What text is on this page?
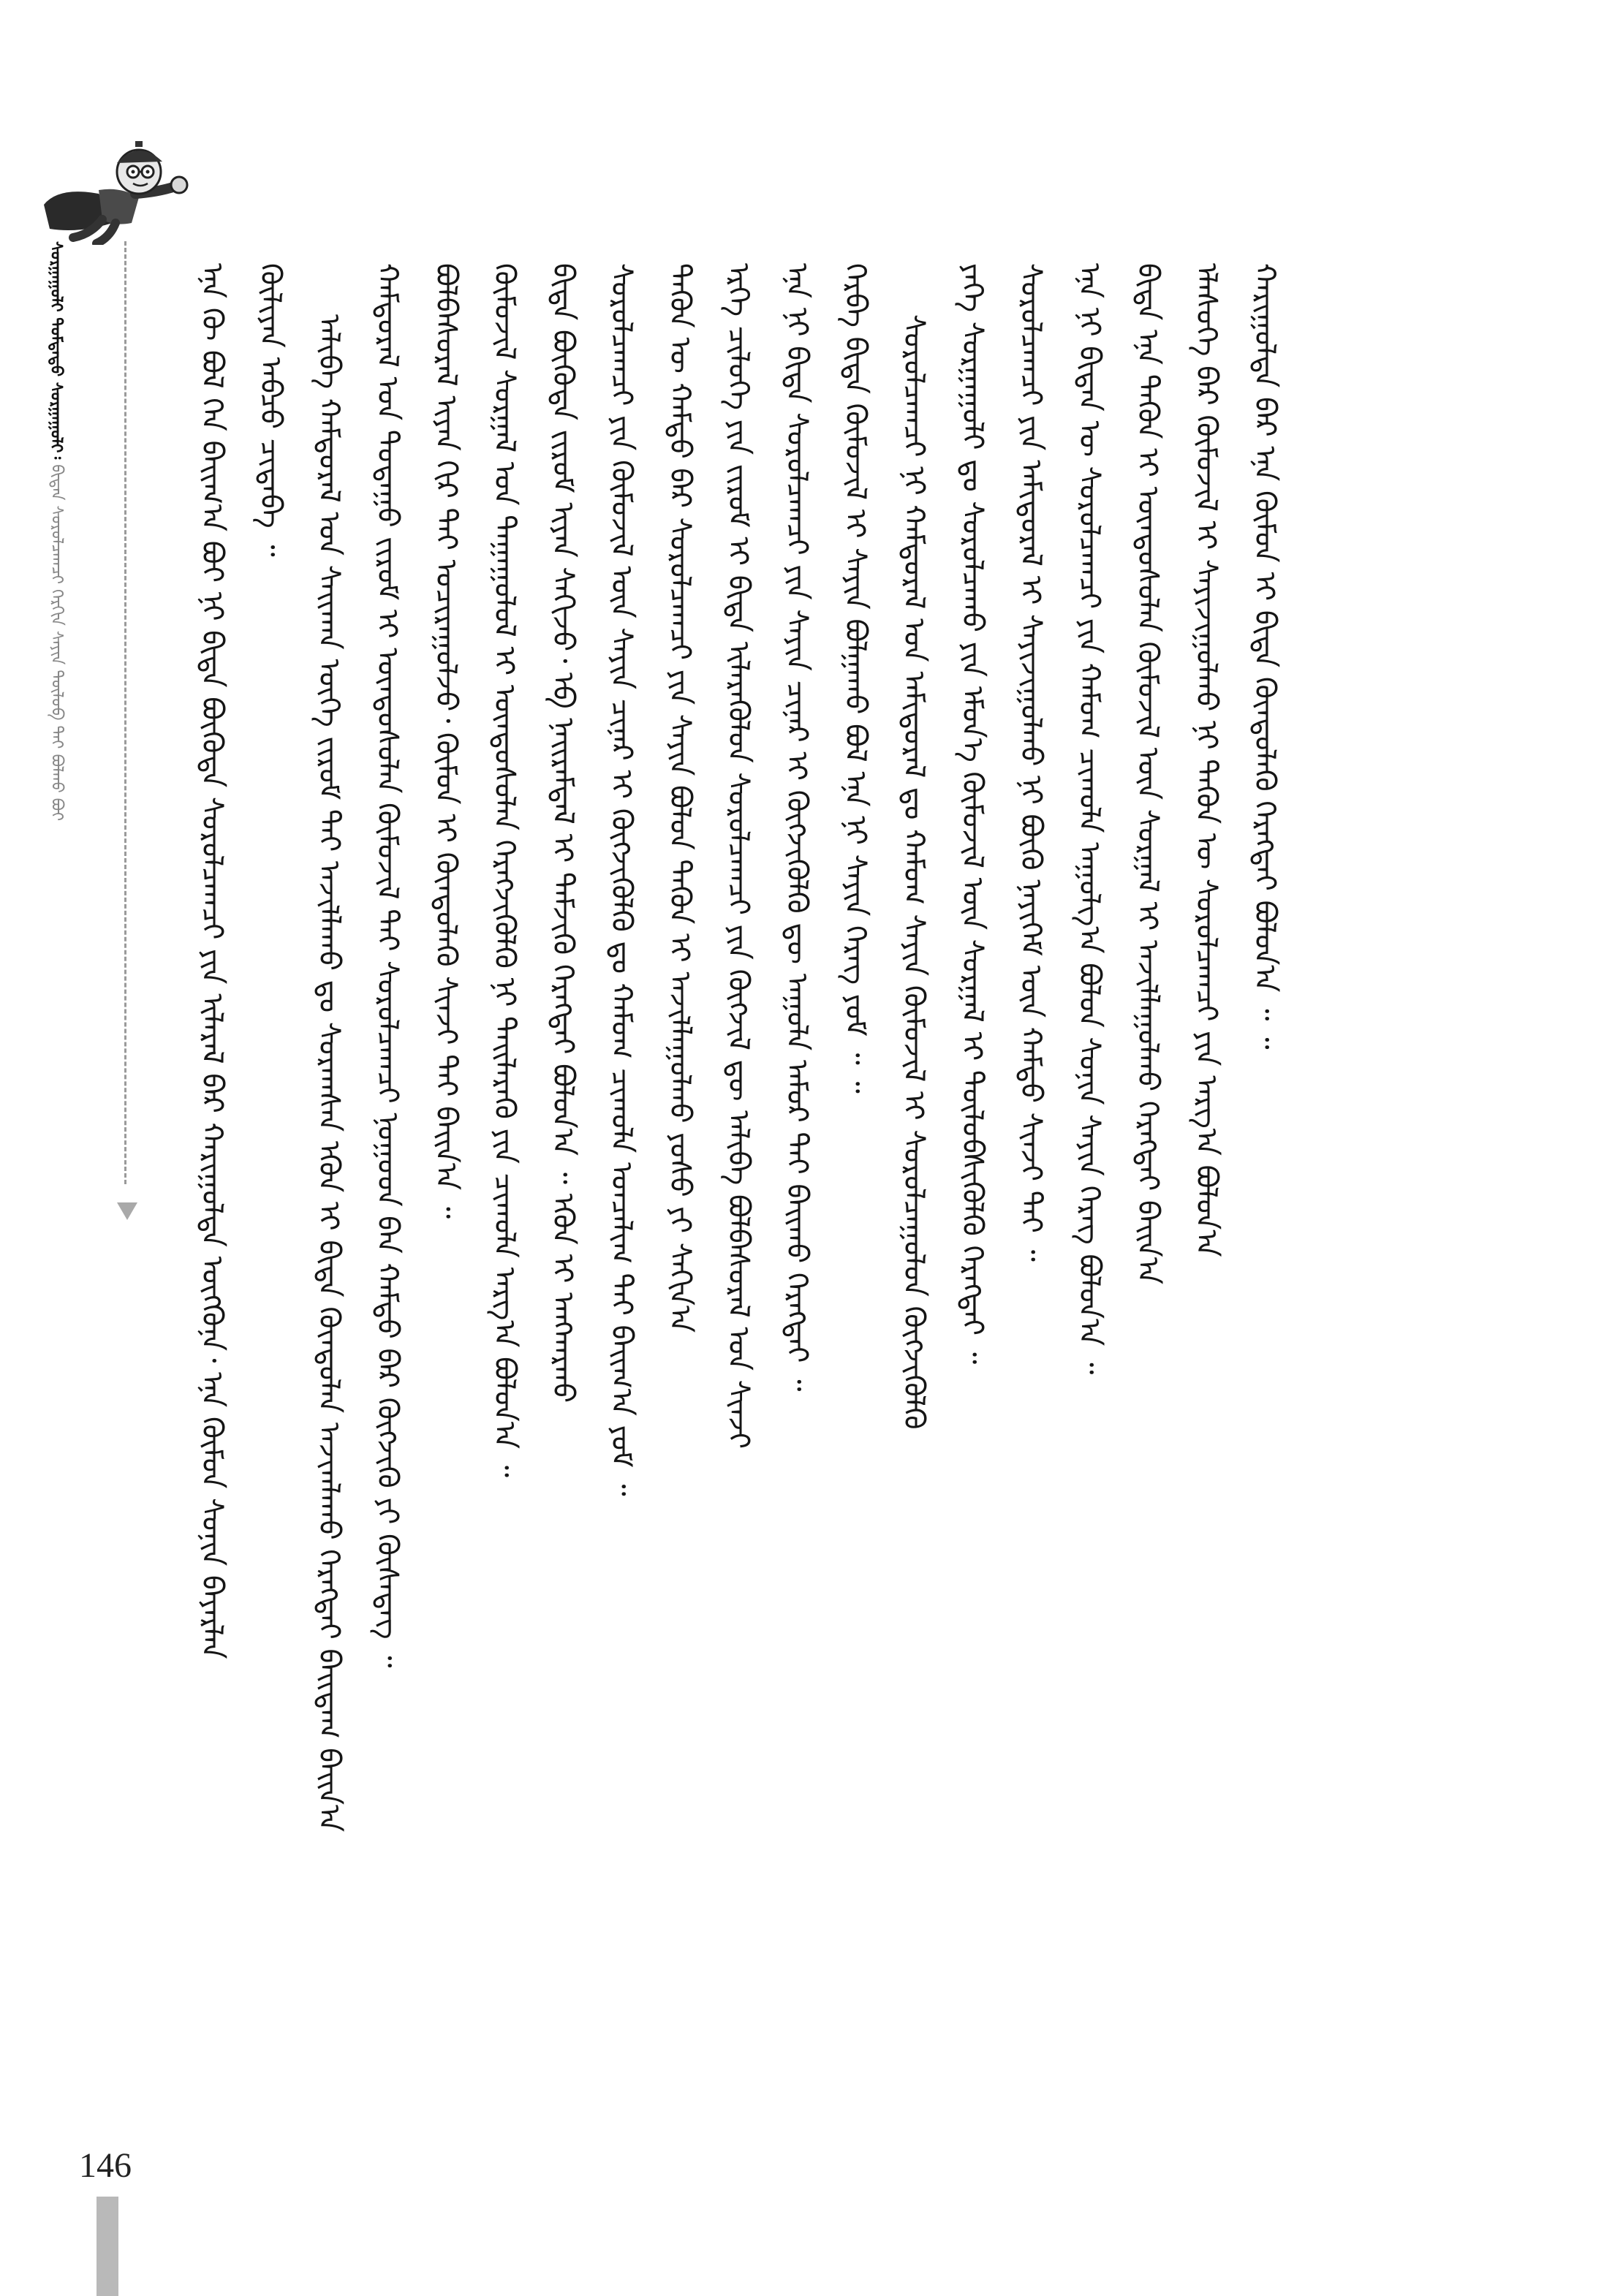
ᠰᠤᠷᠭᠠᠭᠤᠯᠢ ᠳᠤᠮᠳᠠᠳᠤ ᠰᠤᠷᠭᠠᠭᠤᠯᠢ᠄ ᠪᠢᠳᠡᠨ ᠰᠤᠷᠤᠯᠴᠠᠭᠴᠢ ᠬᠡᠷᠬᠢᠨ ᠰᠠᠶᠢᠨ ᠲᠥᠯᠥᠪ ᠲᠡᠢ ᠪᠤᠯᠬᠤ ᠪᠤᠢ	ᠡᠨᠡ ᠬᠦ ᠪᠣᠯ ᠬᠡᠨ ᠪᠠᠢᠭ᠎ᠠ ᠪᠤᠢ ᠨᠢ ᠪᠢᠳᠡ ᠪᠦᠭᠦᠳᠡ ᠰᠤᠷᠤᠯᠴᠠᠭᠴᠢ ᠶᠢᠨ ᠢᠯᠡᠷᠡᠯ ᠪᠡᠷ ᠬᠠᠷᠢᠭᠤᠯᠲᠠ ᠥᠭᠭᠦᠨᠡ᠂ ᠡᠨᠡ ᠬᠦᠮᠦᠨ ᠰᠣᠨᠢᠨ ᠪᠠᠶᠠᠷᠯᠠᠨ ᠬᠦᠯᠢᠶᠡᠨ ᠠᠪᠴᠤ ᠴᠢᠳᠠᠪᠠ ᠃ ᠠᠯᠢᠪᠠ ᠬᠠᠮᠲᠤᠷᠠᠯ ᠤᠨ ᠰᠠᠢᠬᠠᠨ ᠦᠭᠡ ᠵᠢᠷᠦᠮ ᠲᠡᠢ ᠠᠵᠢᠯᠯᠠᠬᠤ ᠳᠤ ᠰᠤᠷᠠᠭᠰᠠᠨ ᠡᠭᠦᠨ ᠢ ᠪᠢᠳᠡ ᠬᠦᠨᠳᠦᠯᠡᠨ ᠠᠵᠢᠭᠯᠠᠬᠤ ᠬᠡᠷᠡᠭᠲᠡᠢ ᠪᠠᠢᠳᠠᠭ ᠪᠠᠢᠨ᠎ᠠ ᠬᠠᠮᠲᠤᠷᠠᠯ ᠤᠨ ᠳᠤᠲᠠᠭᠤ ᠵᠢᠷᠦᠮ ᠢ ᠦᠨᠳᠦᠰᠦᠯᠡᠨ ᠬᠦᠮᠦᠵᠢᠯ ᠲᠡᠢ ᠰᠤᠷᠤᠯᠴᠠᠭᠴᠢ ᠨᠤᠭᠤᠳ ᠪᠠᠨ ᠬᠠᠮᠲᠤ ᠪᠡᠷ ᠬᠥᠭᠵᠢᠬᠦ ᠶᠢ ᠬᠦᠰᠡᠳᠡᠭ ᠃ ᠪᠣᠯᠪᠠᠰᠤᠷᠠᠯ ᠢᠶᠠᠨ ᠬᠢᠷ ᠲᠠᠢ ᠤᠴᠢᠷᠠᠭᠤᠯᠵᠤ᠂ ᠬᠦᠮᠦᠨ ᠢ ᠬᠦᠨᠳᠦᠯᠡᠬᠦ ᠰᠢᠨᠵᠢ ᠲᠠᠢ ᠪᠠᠢᠨ᠎ᠠ ᠃ ᠬᠦᠮᠦᠵᠢᠯ ᠰᠤᠷᠭᠠᠯ ᠤᠨ ᠳᠠᠭᠠᠭᠤᠯᠤᠯ ᠢ ᠦᠨᠳᠦᠰᠦᠯᠡᠨ ᠬᠡᠷᠡᠭᠵᠢᠭᠦᠯᠬᠦ ᠨᠢ ᠳᠡᠢᠯᠡᠷᠡᠬᠦ ᠶᠢᠨ ᠴᠢᠬᠤᠯᠠ ᠠᠷᠭ᠎ᠠ ᠪᠣᠯᠤᠨ᠎ᠠ ᠃ ᠪᠢᠳᠡ ᠪᠦᠭᠦᠳᠡ ᠵᠢᠷᠦᠮ ᠢᠶᠠᠨ ᠰᠠᠬᠢᠵᠤ᠂ ᠡᠪ ᠨᠠᠢᠷᠠᠮᠳᠠᠯ ᠢ ᠳᠡᠮᠵᠢᠬᠦ ᠬᠡᠷᠡᠭᠲᠡᠢ ᠪᠣᠯᠤᠨ᠎ᠠ ᠃ ᠡᠭᠦᠨ ᠢ ᠠᠩᠬᠠᠷᠬᠤ ᠰᠤᠷᠤᠯᠴᠠᠭᠴᠢ ᠶᠢᠨ ᠬᠦᠮᠦᠵᠢᠯ ᠦᠨ ᠰᠠᠶᠢᠨ ᠴᠢᠨᠠᠷ ᠢ ᠬᠥᠭᠵᠢᠭᠦᠯᠬᠦ ᠳᠤ ᠬᠠᠮᠤᠭ ᠴᠢᠬᠤᠯᠠ ᠣᠨᠴᠠᠯᠢᠭ ᠲᠠᠢ ᠪᠠᠢᠭ᠎ᠠ ᠶᠤᠮ ᠃ ᠲᠡᠭᠦᠨ ᠦ ᠬᠠᠮᠲᠤ ᠪᠡᠷ ᠰᠤᠷᠤᠯᠴᠠᠭᠴᠢ ᠶᠢᠨ ᠰᠠᠶᠢᠨ ᠪᠣᠯᠤᠨ ᠲᠡᠭᠦᠨ ᠢ ᠠᠵᠢᠯᠯᠠᠭᠤᠯᠬᠤ ᠶᠤᠰᠤ ᠶᠢ ᠰᠠᠬᠢᠨ᠎ᠠ ᠡᠷᠬᠡ ᠴᠢᠯᠦᠭᠡ ᠶᠢᠨ ᠵᠢᠷᠦᠮ ᠢ ᠪᠢᠳᠡ ᠢᠯᠡᠷᠡᠭᠦᠯᠦᠨ ᠰᠤᠷᠤᠯᠴᠠᠭᠴᠢ ᠶᠢᠨ ᠬᠥᠭᠵᠢᠯ ᠳᠦ ᠠᠯᠢᠪᠠ ᠪᠣᠯᠪᠠᠰᠤᠷᠠᠯ ᠤᠨ ᠰᠢᠨᠵᠢ ᠡᠨᠡ ᠨᠢ ᠪᠢᠳᠡ ᠰᠤᠷᠤᠯᠴᠠᠭᠴᠢ ᠶᠢᠨ ᠰᠠᠶᠢᠨ ᠴᠢᠨᠠᠷ ᠢ ᠬᠥᠭᠵᠢᠭᠦᠯᠬᠦ ᠳᠦ ᠠᠭᠤᠯᠠ ᠠᠮᠤᠷ ᠲᠠᠢ ᠪᠠᠢᠬᠤ ᠬᠡᠷᠡᠭᠲᠡᠢ ᠃ ᠬᠡᠷᠪᠡ ᠪᠢᠳᠡ ᠬᠦᠮᠦᠵᠢᠯ ᠢ ᠰᠠᠶᠢᠨ ᠪᠣᠯᠭᠠᠬᠤ ᠪᠣᠯ ᠡᠨᠡ ᠨᠢ ᠰᠠᠶᠢᠨ ᠬᠡᠷᠡᠭ ᠶᠤᠮ ᠃ ᠃ ᠰᠤᠷᠤᠯᠴᠠᠭᠴᠢ ᠨᠢ ᠬᠠᠮᠲᠤᠷᠠᠯ ᠤᠨ ᠠᠮᠢᠳᠤᠷᠠᠯ ᠳᠤ ᠬᠠᠮᠤᠭ ᠰᠠᠶᠢᠨ ᠬᠦᠮᠦᠵᠢᠯ ᠢ ᠰᠤᠷᠤᠯᠴᠠᠭᠤᠯᠤᠨ ᠬᠥᠭᠵᠢᠭᠦᠯᠬᠦ ᠶᠡᠭᠡ ᠰᠤᠷᠭᠠᠭᠤᠯᠢ ᠳᠤ ᠰᠤᠷᠤᠯᠴᠠᠬᠤ ᠶᠢᠨ ᠡᠮᠦᠨ᠎ᠡ ᠬᠦᠮᠦᠵᠢᠯ ᠦᠨ ᠰᠤᠷᠭᠠᠯ ᠢ ᠲᠥᠯᠥᠪᠰᠢᠭᠦᠯᠬᠦ ᠬᠡᠷᠡᠭᠲᠡᠢ ᠃ ᠰᠤᠷᠤᠯᠴᠠᠭᠴᠢ ᠶᠢᠨ ᠠᠮᠢᠳᠤᠷᠠᠯ ᠢ ᠰᠠᠶᠢᠵᠢᠭᠤᠯᠬᠤ ᠨᠢ ᠪᠦᠬᠦ ᠨᠡᠶᠢᠭᠡᠮ ᠦᠨ ᠬᠠᠮᠲᠤ ᠰᠢᠨᠵᠢ ᠲᠠᠢ ᠃ ᠡᠨᠡ ᠨᠢ ᠪᠢᠳᠡᠨ ᠦ ᠰᠤᠷᠤᠯᠴᠠᠭᠴᠢ ᠶᠢᠨ ᠬᠠᠮᠤᠭ ᠴᠢᠬᠤᠯᠠ ᠠᠭᠤᠯᠭ᠎ᠠ ᠪᠣᠯᠤᠨ ᠰᠣᠨᠢᠨ ᠰᠠᠶᠢᠨ ᠬᠡᠷᠡᠭ ᠪᠣᠯᠤᠨ᠎ᠠ ᠃ ᠪᠢᠳᠡ ᠡᠨᠡ ᠲᠡᠭᠦᠨ ᠢ ᠦᠨᠳᠦᠰᠦᠯᠡᠨ ᠬᠦᠮᠦᠵᠢᠯ ᠦᠨ ᠰᠤᠷᠭᠠᠯ ᠢ ᠠᠵᠢᠯᠯᠠᠭᠤᠯᠬᠤ ᠬᠡᠷᠡᠭᠲᠡᠢ ᠪᠠᠢᠨ᠎ᠠ ᠡᠯᠡᠰᠦᠭᠡ ᠪᠠᠷ ᠬᠦᠮᠦᠵᠢᠯ ᠢ ᠰᠠᠶᠢᠵᠢᠭᠤᠯᠬᠤ ᠨᠢ ᠲᠡᠭᠦᠨ ᠦ ᠰᠤᠷᠤᠯᠴᠠᠭᠴᠢ ᠶᠢᠨ ᠠᠷᠭ᠎ᠠ ᠪᠣᠯᠤᠨ᠎ᠠ ᠬᠠᠷᠢᠭᠤᠯᠲᠠ ᠪᠡᠷ ᠡᠨᠡ ᠬᠦᠮᠦᠨ ᠢ ᠪᠢᠳᠡ ᠬᠦᠨᠳᠦᠯᠡᠬᠦ ᠬᠡᠷᠡᠭᠲᠡᠢ ᠪᠣᠯᠤᠨ᠎ᠠ ᠃ ᠃
146
